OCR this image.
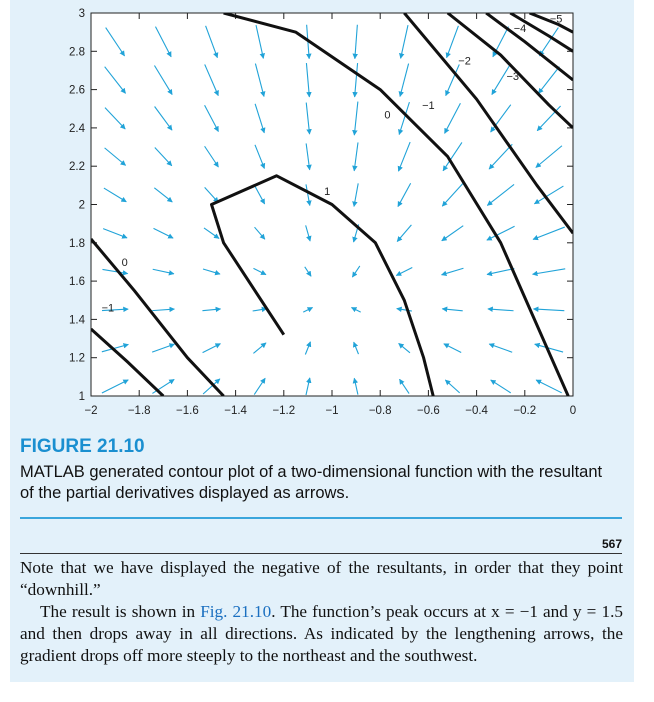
−2	−1.8 −1.6 −1.4 −1.2	−1	−0.8 −0.6 −0.4 −0.2	0
1
1.2
1.4
1.6
1.8
2
2.2
2.4
2.6
2.8
3
1
0
0
−1
−1
−2
−3
−4
−5
FIGURE 21.10
MATLAB generated contour plot of a two-dimensional function with the resultant of the partial derivatives displayed as arrows.
567

Note that we have displayed the negative of the resultants, in order that they point “downhill.”

The result is shown in Fig. 21.10. The function’s peak occurs at x = −1 and y = 1.5 and then drops away in all directions. As indicated by the lengthening arrows, the gradient drops off more steeply to the northeast and the southwest.
